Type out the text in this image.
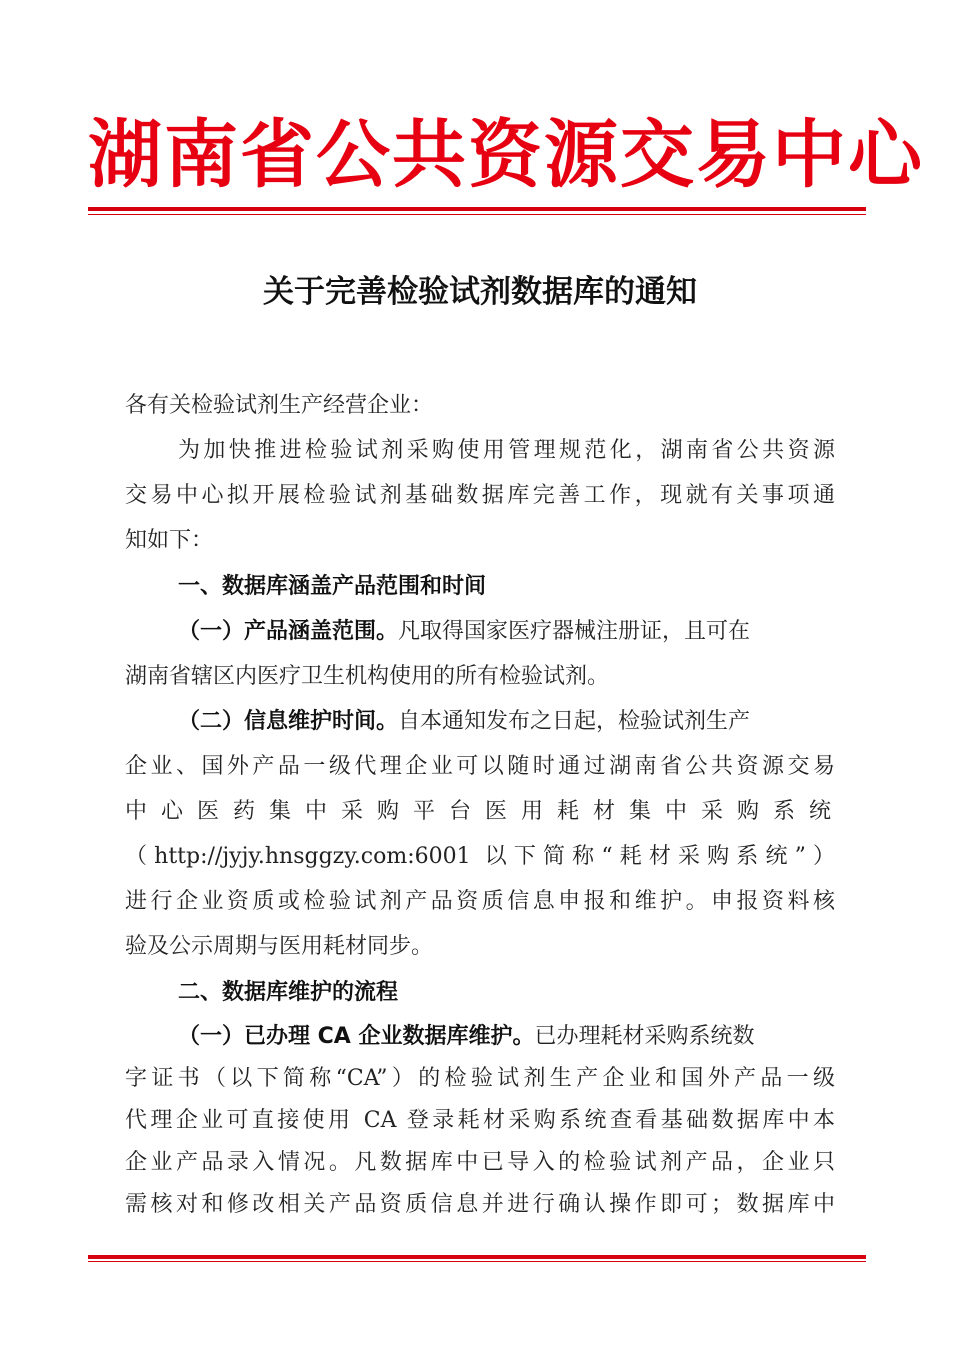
湖南省公共资源交易中心
关于完善检验试剂数据库的通知
各有关检验试剂生产经营企业：
为加快推进检验试剂采购使用管理规范化，湖南省公共资源
交易中心拟开展检验试剂基础数据库完善工作，现就有关事项通
知如下：
一、数据库涵盖产品范围和时间
（一）产品涵盖范围。凡取得国家医疗器械注册证，且可在
湖南省辖区内医疗卫生机构使用的所有检验试剂。
（二）信息维护时间。自本通知发布之日起，检验试剂生产
企业、国外产品一级代理企业可以随时通过湖南省公共资源交易
中心医药集中采购平台医用耗材集中采购系统
（http://jyjy.hnsggzy.com:6001 以下简称“耗材采购系统”）
进行企业资质或检验试剂产品资质信息申报和维护。申报资料核
验及公示周期与医用耗材同步。
二、数据库维护的流程
（一）已办理 CA 企业数据库维护。已办理耗材采购系统数
字证书（以下简称“CA”）的检验试剂生产企业和国外产品一级
代理企业可直接使用 CA 登录耗材采购系统查看基础数据库中本
企业产品录入情况。凡数据库中已导入的检验试剂产品，企业只
需核对和修改相关产品资质信息并进行确认操作即可；数据库中
